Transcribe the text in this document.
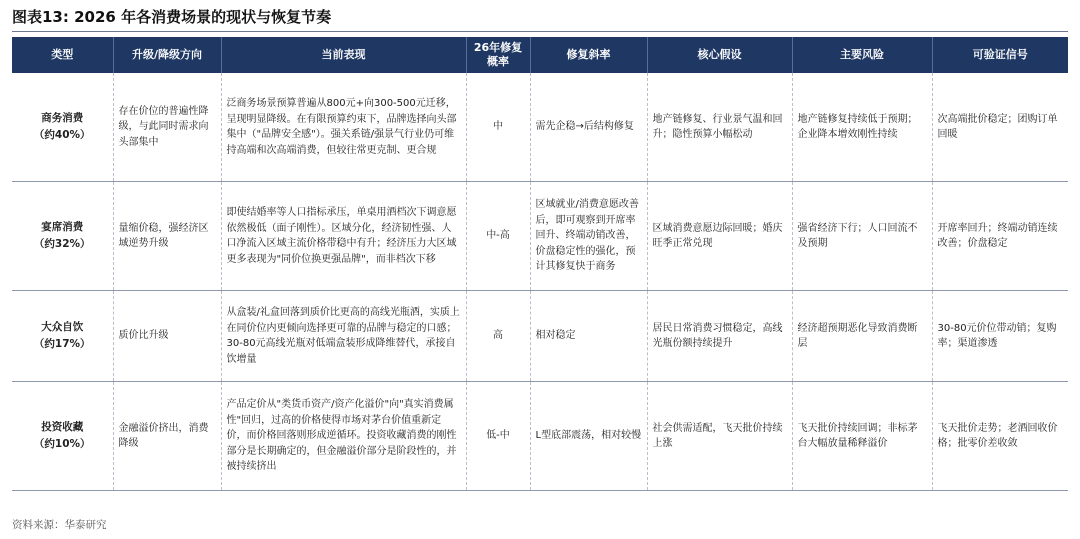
图表13: 2026 年各消费场景的现状与恢复节奏
类型	升级/降级方向	当前表现	26年修复概率	修复斜率	核心假设	主要风险	可验证信号

商务消费
（约40%）	存在价位的普遍性降级，与此同时需求向头部集中	泛商务场景预算普遍从800元+向300-500元迁移，呈现明显降级。在有限预算约束下，品牌选择向头部集中（"品牌安全感"）。强关系链/强景气行业仍可维持高端和次高端消费，但较往常更克制、更合规	中	需先企稳→后结构修复	地产链修复、行业景气温和回升；隐性预算小幅松动	地产链修复持续低于预期；企业降本增效刚性持续	次高端批价稳定；团购订单回暖

宴席消费
（约32%）	量缩价稳，强经济区域逆势升级	即使结婚率等人口指标承压，单桌用酒档次下调意愿依然极低（面子刚性）。区域分化，经济韧性强、人口净流入区域主流价格带稳中有升；经济压力大区域更多表现为"同价位换更强品牌"，而非档次下移	中-高	区域就业/消费意愿改善后，即可观察到开席率回升、终端动销改善，价盘稳定性的强化，预计其修复快于商务	区域消费意愿边际回暖；婚庆旺季正常兑现	强省经济下行；人口回流不及预期	开席率回升；终端动销连续改善；价盘稳定

大众自饮
（约17%）	质价比升级	从盒装/礼盒回落到质价比更高的高线光瓶酒，实质上在同价位内更倾向选择更可靠的品牌与稳定的口感；30-80元高线光瓶对低端盒装形成降维替代，承接自饮增量	高	相对稳定	居民日常消费习惯稳定，高线光瓶份额持续提升	经济超预期恶化导致消费断层	30-80元价位带动销；复购率；渠道渗透

投资收藏
（约10%）	金融溢价挤出，消费降级	产品定价从"类货币资产/资产化溢价"向"真实消费属性"回归，过高的价格使得市场对茅台价值重新定价，而价格回落则形成逆循环。投资收藏消费的刚性部分是长期确定的，但金融溢价部分是阶段性的，并被持续挤出	低-中	L型底部震荡，相对较慢	社会供需适配，飞天批价持续上涨	飞天批价持续回调；非标茅台大幅放量稀释溢价	飞天批价走势；老酒回收价格；批零价差收敛
资料来源：华泰研究
